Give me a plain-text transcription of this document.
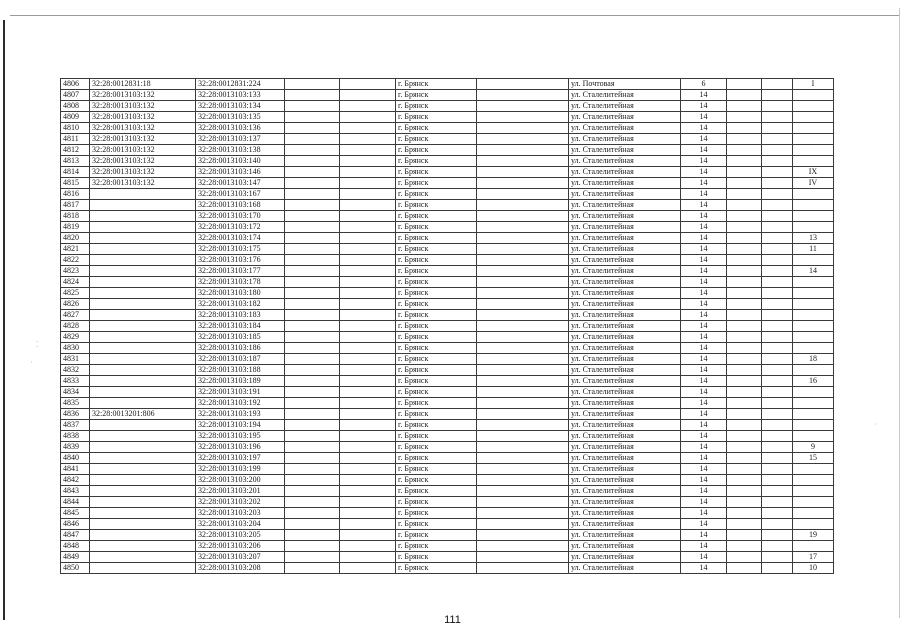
⁚
·
·
4806	32:28:0012831:18	32:28:0012831:224			г. Брянск		ул. Почтовая	6			I
4807	32:28:0013103:132	32:28:0013103:133			г. Брянск		ул. Сталелитейная	14			
4808	32:28:0013103:132	32:28:0013103:134			г. Брянск		ул. Сталелитейная	14			
4809	32:28:0013103:132	32:28:0013103:135			г. Брянск		ул. Сталелитейная	14			
4810	32:28:0013103:132	32:28:0013103:136			г. Брянск		ул. Сталелитейная	14			
4811	32:28:0013103:132	32:28:0013103:137			г. Брянск		ул. Сталелитейная	14			
4812	32:28:0013103:132	32:28:0013103:138			г. Брянск		ул. Сталелитейная	14			
4813	32:28:0013103:132	32:28:0013103:140			г. Брянск		ул. Сталелитейная	14			
4814	32:28:0013103:132	32:28:0013103:146			г. Брянск		ул. Сталелитейная	14			IX
4815	32:28:0013103:132	32:28:0013103:147			г. Брянск		ул. Сталелитейная	14			IV
4816		32:28:0013103:167			г. Брянск		ул. Сталелитейная	14			
4817		32:28:0013103:168			г. Брянск		ул. Сталелитейная	14			
4818		32:28:0013103:170			г. Брянск		ул. Сталелитейная	14			
4819		32:28:0013103:172			г. Брянск		ул. Сталелитейная	14			
4820		32:28:0013103:174			г. Брянск		ул. Сталелитейная	14			13
4821		32:28:0013103:175			г. Брянск		ул. Сталелитейная	14			11
4822		32:28:0013103:176			г. Брянск		ул. Сталелитейная	14			
4823		32:28:0013103:177			г. Брянск		ул. Сталелитейная	14			14
4824		32:28:0013103:178			г. Брянск		ул. Сталелитейная	14			
4825		32:28:0013103:180			г. Брянск		ул. Сталелитейная	14			
4826		32:28:0013103:182			г. Брянск		ул. Сталелитейная	14			
4827		32:28:0013103:183			г. Брянск		ул. Сталелитейная	14			
4828		32:28:0013103:184			г. Брянск		ул. Сталелитейная	14			
4829		32:28:0013103:185			г. Брянск		ул. Сталелитейная	14			
4830		32:28:0013103:186			г. Брянск		ул. Сталелитейная	14			
4831		32:28:0013103:187			г. Брянск		ул. Сталелитейная	14			18
4832		32:28:0013103:188			г. Брянск		ул. Сталелитейная	14			
4833		32:28:0013103:189			г. Брянск		ул. Сталелитейная	14			16
4834		32:28:0013103:191			г. Брянск		ул. Сталелитейная	14			
4835		32:28:0013103:192			г. Брянск		ул. Сталелитейная	14			
4836	32:28:0013201:806	32:28:0013103:193			г. Брянск		ул. Сталелитейная	14			
4837		32:28:0013103:194			г. Брянск		ул. Сталелитейная	14			
4838		32:28:0013103:195			г. Брянск		ул. Сталелитейная	14			
4839		32:28:0013103:196			г. Брянск		ул. Сталелитейная	14			9
4840		32:28:0013103:197			г. Брянск		ул. Сталелитейная	14			15
4841		32:28:0013103:199			г. Брянск		ул. Сталелитейная	14			
4842		32:28:0013103:200			г. Брянск		ул. Сталелитейная	14			
4843		32:28:0013103:201			г. Брянск		ул. Сталелитейная	14			
4844		32:28:0013103:202			г. Брянск		ул. Сталелитейная	14			
4845		32:28:0013103:203			г. Брянск		ул. Сталелитейная	14			
4846		32:28:0013103:204			г. Брянск		ул. Сталелитейная	14			
4847		32:28:0013103:205			г. Брянск		ул. Сталелитейная	14			19
4848		32:28:0013103:206			г. Брянск		ул. Сталелитейная	14			
4849		32:28:0013103:207			г. Брянск		ул. Сталелитейная	14			17
4850		32:28:0013103:208			г. Брянск		ул. Сталелитейная	14			10
111
